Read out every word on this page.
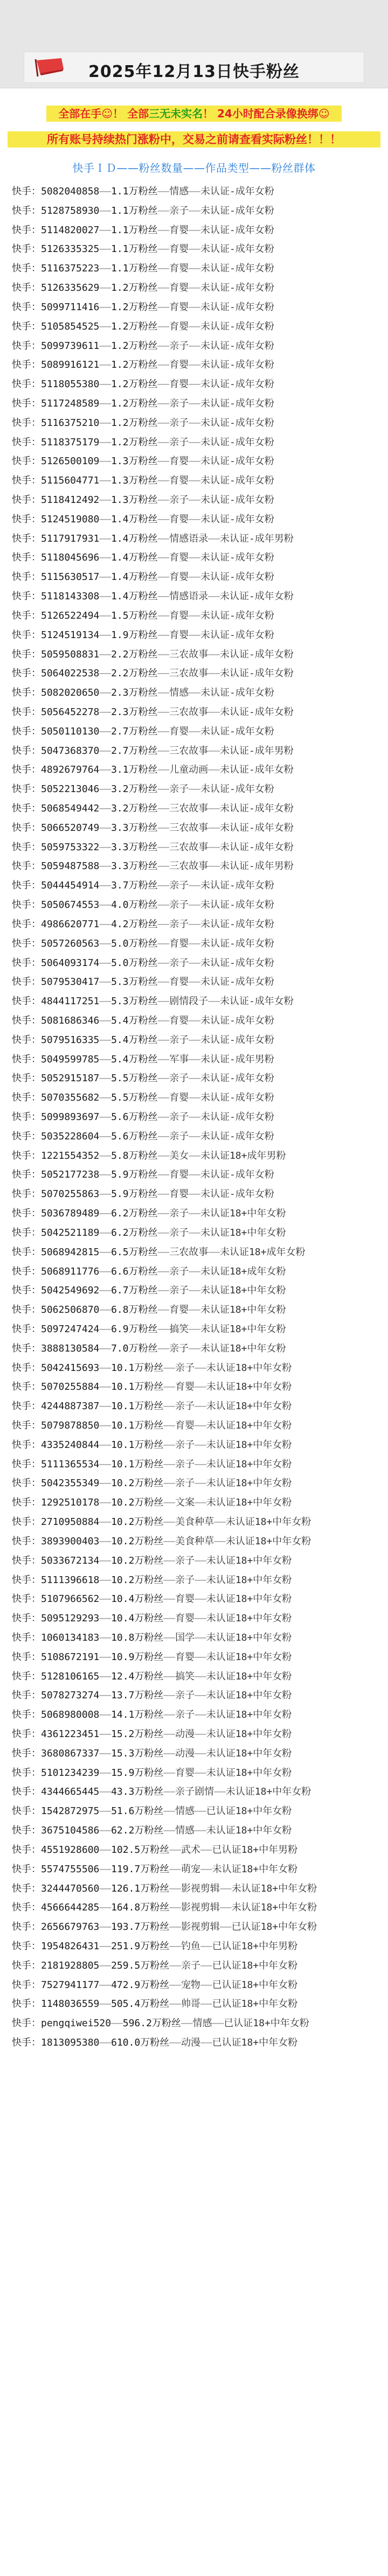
2025年12月13日快手粉丝
全部在手☺！ 全部三无未实名！ 24小时配合录像换绑☺
所有账号持续热门涨粉中，交易之前请查看实际粉丝！！！
快手ＩＤ——粉丝数量——作品类型——粉丝群体
快手：5082040858——1.1万粉丝——情感——未认证-成年女粉
快手：5128758930——1.1万粉丝——亲子——未认证-成年女粉
快手：5114820027——1.1万粉丝——育婴——未认证-成年女粉
快手：5126335325——1.1万粉丝——育婴——未认证-成年女粉
快手：5116375223——1.1万粉丝——育婴——未认证-成年女粉
快手：5126335629——1.2万粉丝——育婴——未认证-成年女粉
快手：5099711416——1.2万粉丝——育婴——未认证-成年女粉
快手：5105854525——1.2万粉丝——育婴——未认证-成年女粉
快手：5099739611——1.2万粉丝——亲子——未认证-成年女粉
快手：5089916121——1.2万粉丝——育婴——未认证-成年女粉
快手：5118055380——1.2万粉丝——育婴——未认证-成年女粉
快手：5117248589——1.2万粉丝——亲子——未认证-成年女粉
快手：5116375210——1.2万粉丝——亲子——未认证-成年女粉
快手：5118375179——1.2万粉丝——亲子——未认证-成年女粉
快手：5126500109——1.3万粉丝——育婴——未认证-成年女粉
快手：5115604771——1.3万粉丝——育婴——未认证-成年女粉
快手：5118412492——1.3万粉丝——亲子——未认证-成年女粉
快手：5124519080——1.4万粉丝——育婴——未认证-成年女粉
快手：5117917931——1.4万粉丝——情感语录——未认证-成年男粉
快手：5118045696——1.4万粉丝——育婴——未认证-成年女粉
快手：5115630517——1.4万粉丝——育婴——未认证-成年女粉
快手：5118143308——1.4万粉丝——情感语录——未认证-成年女粉
快手：5126522494——1.5万粉丝——育婴——未认证-成年女粉
快手：5124519134——1.9万粉丝——育婴——未认证-成年女粉
快手：5059508831——2.2万粉丝——三农故事——未认证-成年女粉
快手：5064022538——2.2万粉丝——三农故事——未认证-成年女粉
快手：5082020650——2.3万粉丝——情感——未认证-成年女粉
快手：5056452278——2.3万粉丝——三农故事——未认证-成年女粉
快手：5050110130——2.7万粉丝——育婴——未认证-成年女粉
快手：5047368370——2.7万粉丝——三农故事——未认证-成年男粉
快手：4892679764——3.1万粉丝——儿童动画——未认证-成年女粉
快手：5052213046——3.2万粉丝——亲子——未认证-成年女粉
快手：5068549442——3.2万粉丝——三农故事——未认证-成年女粉
快手：5066520749——3.3万粉丝——三农故事——未认证-成年女粉
快手：5059753322——3.3万粉丝——三农故事——未认证-成年女粉
快手：5059487588——3.3万粉丝——三农故事——未认证-成年男粉
快手：5044454914——3.7万粉丝——亲子——未认证-成年女粉
快手：5050674553——4.0万粉丝——亲子——未认证-成年女粉
快手：4986620771——4.2万粉丝——亲子——未认证-成年女粉
快手：5057260563——5.0万粉丝——育婴——未认证-成年女粉
快手：5064093174——5.0万粉丝——亲子——未认证-成年女粉
快手：5079530417——5.3万粉丝——育婴——未认证-成年女粉
快手：4844117251——5.3万粉丝——剧情段子——未认证-成年女粉
快手：5081686346——5.4万粉丝——育婴——未认证-成年女粉
快手：5079516335——5.4万粉丝——亲子——未认证-成年女粉
快手：5049599785——5.4万粉丝——军事——未认证-成年男粉
快手：5052915187——5.5万粉丝——亲子——未认证-成年女粉
快手：5070355682——5.5万粉丝——育婴——未认证-成年女粉
快手：5099893697——5.6万粉丝——亲子——未认证-成年女粉
快手：5035228604——5.6万粉丝——亲子——未认证-成年女粉
快手：1221554352——5.8万粉丝——美女——未认证18+成年男粉
快手：5052177238——5.9万粉丝——育婴——未认证-成年女粉
快手：5070255863——5.9万粉丝——育婴——未认证-成年女粉
快手：5036789489——6.2万粉丝——亲子——未认证18+中年女粉
快手：5042521189——6.2万粉丝——亲子——未认证18+中年女粉
快手：5068942815——6.5万粉丝——三农故事——未认证18+成年女粉
快手：5068911776——6.6万粉丝——亲子——未认证18+成年女粉
快手：5042549692——6.7万粉丝——亲子——未认证18+中年女粉
快手：5062506870——6.8万粉丝——育婴——未认证18+中年女粉
快手：5097247424——6.9万粉丝——搞笑——未认证18+中年女粉
快手：3888130584——7.0万粉丝——亲子——未认证18+中年女粉
快手：5042415693——10.1万粉丝——亲子——未认证18+中年女粉
快手：5070255884——10.1万粉丝——育婴——未认证18+中年女粉
快手：4244887387——10.1万粉丝——亲子——未认证18+中年女粉
快手：5079878850——10.1万粉丝——育婴——未认证18+中年女粉
快手：4335240844——10.1万粉丝——亲子——未认证18+中年女粉
快手：5111365534——10.1万粉丝——亲子——未认证18+中年女粉
快手：5042355349——10.2万粉丝——亲子——未认证18+中年女粉
快手：1292510178——10.2万粉丝——文案——未认证18+中年女粉
快手：2710950884——10.2万粉丝——美食种草——未认证18+中年女粉
快手：3893900403——10.2万粉丝——美食种草——未认证18+中年女粉
快手：5033672134——10.2万粉丝——亲子——未认证18+中年女粉
快手：5111396618——10.2万粉丝——亲子——未认证18+中年女粉
快手：5107966562——10.4万粉丝——育婴——未认证18+中年女粉
快手：5095129293——10.4万粉丝——育婴——未认证18+中年女粉
快手：1060134183——10.8万粉丝——国学——未认证18+中年女粉
快手：5108672191——10.9万粉丝——育婴——未认证18+中年女粉
快手：5128106165——12.4万粉丝——搞笑——未认证18+中年女粉
快手：5078273274——13.7万粉丝——亲子——未认证18+中年女粉
快手：5068980008——14.1万粉丝——亲子——未认证18+中年女粉
快手：4361223451——15.2万粉丝——动漫——未认证18+中年女粉
快手：3680867337——15.3万粉丝——动漫——未认证18+中年女粉
快手：5101234239——15.9万粉丝——育婴——未认证18+中年女粉
快手：4344665445——43.3万粉丝——亲子剧情——未认证18+中年女粉
快手：1542872975——51.6万粉丝——情感——已认证18+中年女粉
快手：3675104586——62.2万粉丝——情感——未认证18+中年女粉
快手：4551928600——102.5万粉丝——武术——已认证18+中年男粉
快手：5574755506——119.7万粉丝——萌宠——未认证18+中年女粉
快手：3244470560——126.1万粉丝——影视剪辑——未认证18+中年女粉
快手：4566644285——164.8万粉丝——影视剪辑——未认证18+中年女粉
快手：2656679763——193.7万粉丝——影视剪辑——已认证18+中年女粉
快手：1954826431——251.9万粉丝——钓鱼——已认证18+中年男粉
快手：2181928805——259.5万粉丝——亲子——已认证18+中年女粉
快手：7527941177——472.9万粉丝——宠物——已认证18+中年女粉
快手：1148036559——505.4万粉丝——帅哥——已认证18+中年女粉
快手：pengqiwei520——596.2万粉丝——情感——已认证18+中年女粉
快手：1813095380——610.0万粉丝——动漫——已认证18+中年女粉
